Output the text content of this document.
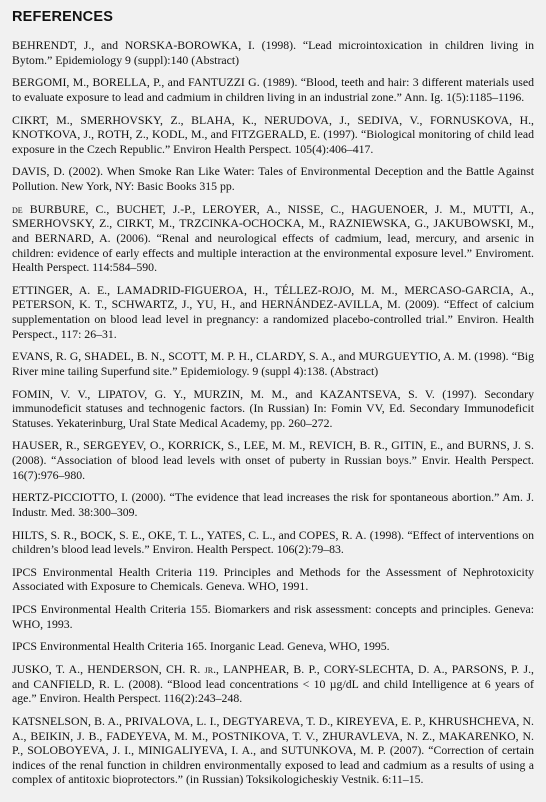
REFERENCES

BEHRENDT, J., and NORSKA-BOROWKA, I. (1998). “Lead microintoxication in children living in Bytom.” Epidemiology 9 (suppl):140 (Abstract)

BERGOMI, M., BORELLA, P., and FANTUZZI G. (1989). “Blood, teeth and hair: 3 different materials used to evaluate exposure to lead and cadmium in children living in an industrial zone.” Ann. Ig. 1(5):1185–1196.

CIKRT, M., SMERHOVSKY, Z., BLAHA, K., NERUDOVA, J., SEDIVA, V., FORNUSKOVA, H., KNOTKOVA, J., ROTH, Z., KODL, M., and FITZGERALD, E. (1997). “Biological monitoring of child lead exposure in the Czech Republic.” Environ Health Perspect. 105(4):406–417.

DAVIS, D. (2002). When Smoke Ran Like Water: Tales of Environmental Deception and the Battle Against Pollution. New York, NY: Basic Books 315 pp.

de BURBURE, C., BUCHET, J.-P., LEROYER, A., NISSE, C., HAGUENOER, J. M., MUTTI, A., SMERHOVSKY, Z., CIRKT, M., TRZCINKA-OCHOCKA, M., RAZNIEWSKA, G., JAKUBOWSKI, M., and BERNARD, A. (2006). “Renal and neurological effects of cadmium, lead, mercury, and arsenic in children: evidence of early effects and multiple interaction at the environmental exposure level.” Enviroment. Health Perspect. 114:584–590.

ETTINGER, A. E., LAMADRID-FIGUEROA, H., TÉLLEZ-ROJO, M. M., MERCASO-GARCIA, A., PETERSON, K. T., SCHWARTZ, J., YU, H., and HERNÁNDEZ-AVILLA, M. (2009). “Effect of calcium supplementation on blood lead level in pregnancy: a randomized placebo-controlled trial.” Environ. Health Perspect., 117: 26–31.

EVANS, R. G, SHADEL, B. N., SCOTT, M. P. H., CLARDY, S. A., and MURGUEYTIO, A. M. (1998). “Big River mine tailing Superfund site.” Epidemiology. 9 (suppl 4):138. (Abstract)

FOMIN, V. V., LIPATOV, G. Y., MURZIN, M. M., and KAZANTSEVA, S. V. (1997). Secondary immunodeficit statuses and technogenic factors. (In Russian) In: Fomin VV, Ed. Secondary Immunodeficit Statuses. Yekaterinburg, Ural State Medical Academy, pp. 260–272.

HAUSER, R., SERGEYEV, O., KORRICK, S., LEE, M. M., REVICH, B. R., GITIN, E., and BURNS, J. S. (2008). “Association of blood lead levels with onset of puberty in Russian boys.” Envir. Health Perspect. 16(7):976–980.

HERTZ-PICCIOTTO, I. (2000). “The evidence that lead increases the risk for spontaneous abortion.” Am. J. Industr. Med. 38:300–309.

HILTS, S. R., BOCK, S. E., OKE, T. L., YATES, C. L., and COPES, R. A. (1998). “Effect of interventions on children’s blood lead levels.” Environ. Health Perspect. 106(2):79–83.

IPCS Environmental Health Criteria 119. Principles and Methods for the Assessment of Nephrotoxicity Associated with Exposure to Chemicals. Geneva. WHO, 1991.

IPCS Environmental Health Criteria 155. Biomarkers and risk assessment: concepts and principles. Geneva: WHO, 1993.

IPCS Environmental Health Criteria 165. Inorganic Lead. Geneva, WHO, 1995.

JUSKO, T. A., HENDERSON, CH. R. jr., LANPHEAR, B. P., CORY-SLECHTA, D. A., PARSONS, P. J., and CANFIELD, R. L. (2008). “Blood lead concentrations < 10 µg/dL and child Intelligence at 6 years of age.” Environ. Health Perspect. 116(2):243–248.

KATSNELSON, B. A., PRIVALOVA, L. I., DEGTYAREVA, T. D., KIREYEVA, E. P., KHRUSHCHEVA, N. A., BEIKIN, J. B., FADEYEVA, M. M., POSTNIKOVA, T. V., ZHURAVLEVA, N. Z., MAKARENKO, N. P., SOLOBOYEVA, J. I., MINIGALIYEVA, I. A., and SUTUNKOVA, M. P. (2007). “Correction of certain indices of the renal function in children environmentally exposed to lead and cadmium as a results of using a complex of antitoxic bioprotectors.” (in Russian) Toksikologicheskiy Vestnik. 6:11–15.
